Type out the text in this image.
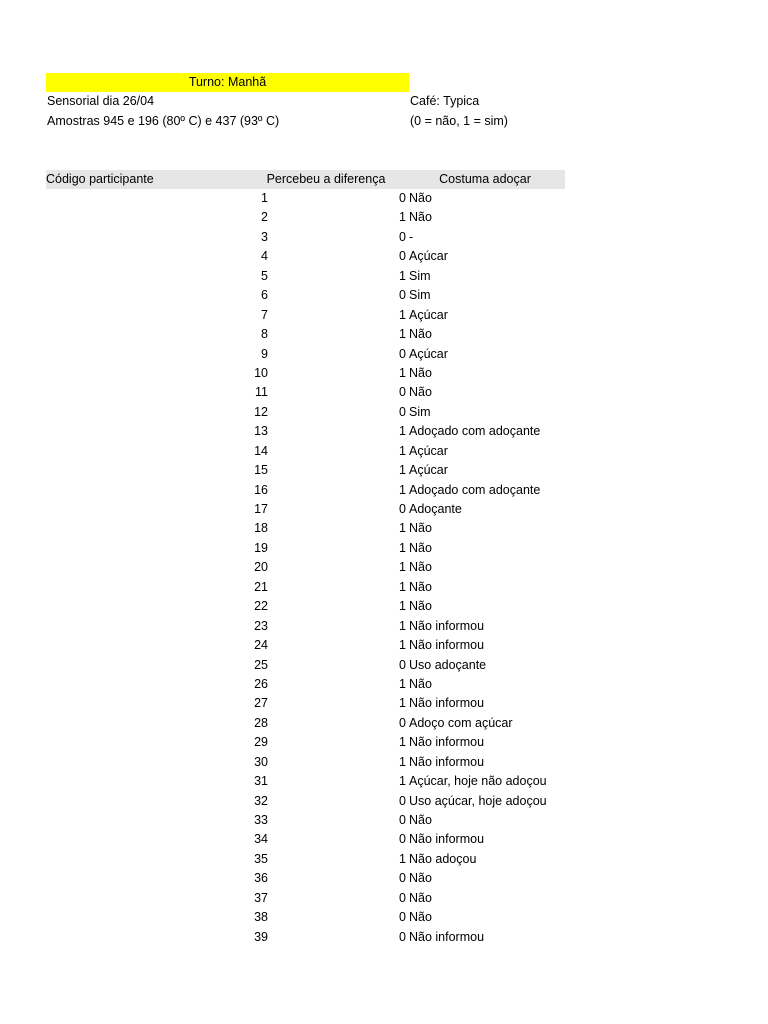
Turno: Manhã
Sensorial dia 26/04	Café: Typica
Amostras 945 e 196 (80º C) e 437 (93º C)	(0 = não, 1 = sim)
Código participante	Percebeu a diferença	Costuma adoçar
1	0 Não
2	1 Não
3	0 -
4	0 Açúcar
5	1 Sim
6	0 Sim
7	1 Açúcar
8	1 Não
9	0 Açúcar
10	1 Não
11	0 Não
12	0 Sim
13	1 Adoçado com adoçante
14	1 Açúcar
15	1 Açúcar
16	1 Adoçado com adoçante
17	0 Adoçante
18	1 Não
19	1 Não
20	1 Não
21	1 Não
22	1 Não
23	1 Não informou
24	1 Não informou
25	0 Uso adoçante
26	1 Não
27	1 Não informou
28	0 Adoço com açúcar
29	1 Não informou
30	1 Não informou
31	1 Açúcar, hoje não adoçou
32	0 Uso açúcar, hoje adoçou
33	0 Não
34	0 Não informou
35	1 Não adoçou
36	0 Não
37	0 Não
38	0 Não
39	0 Não informou
